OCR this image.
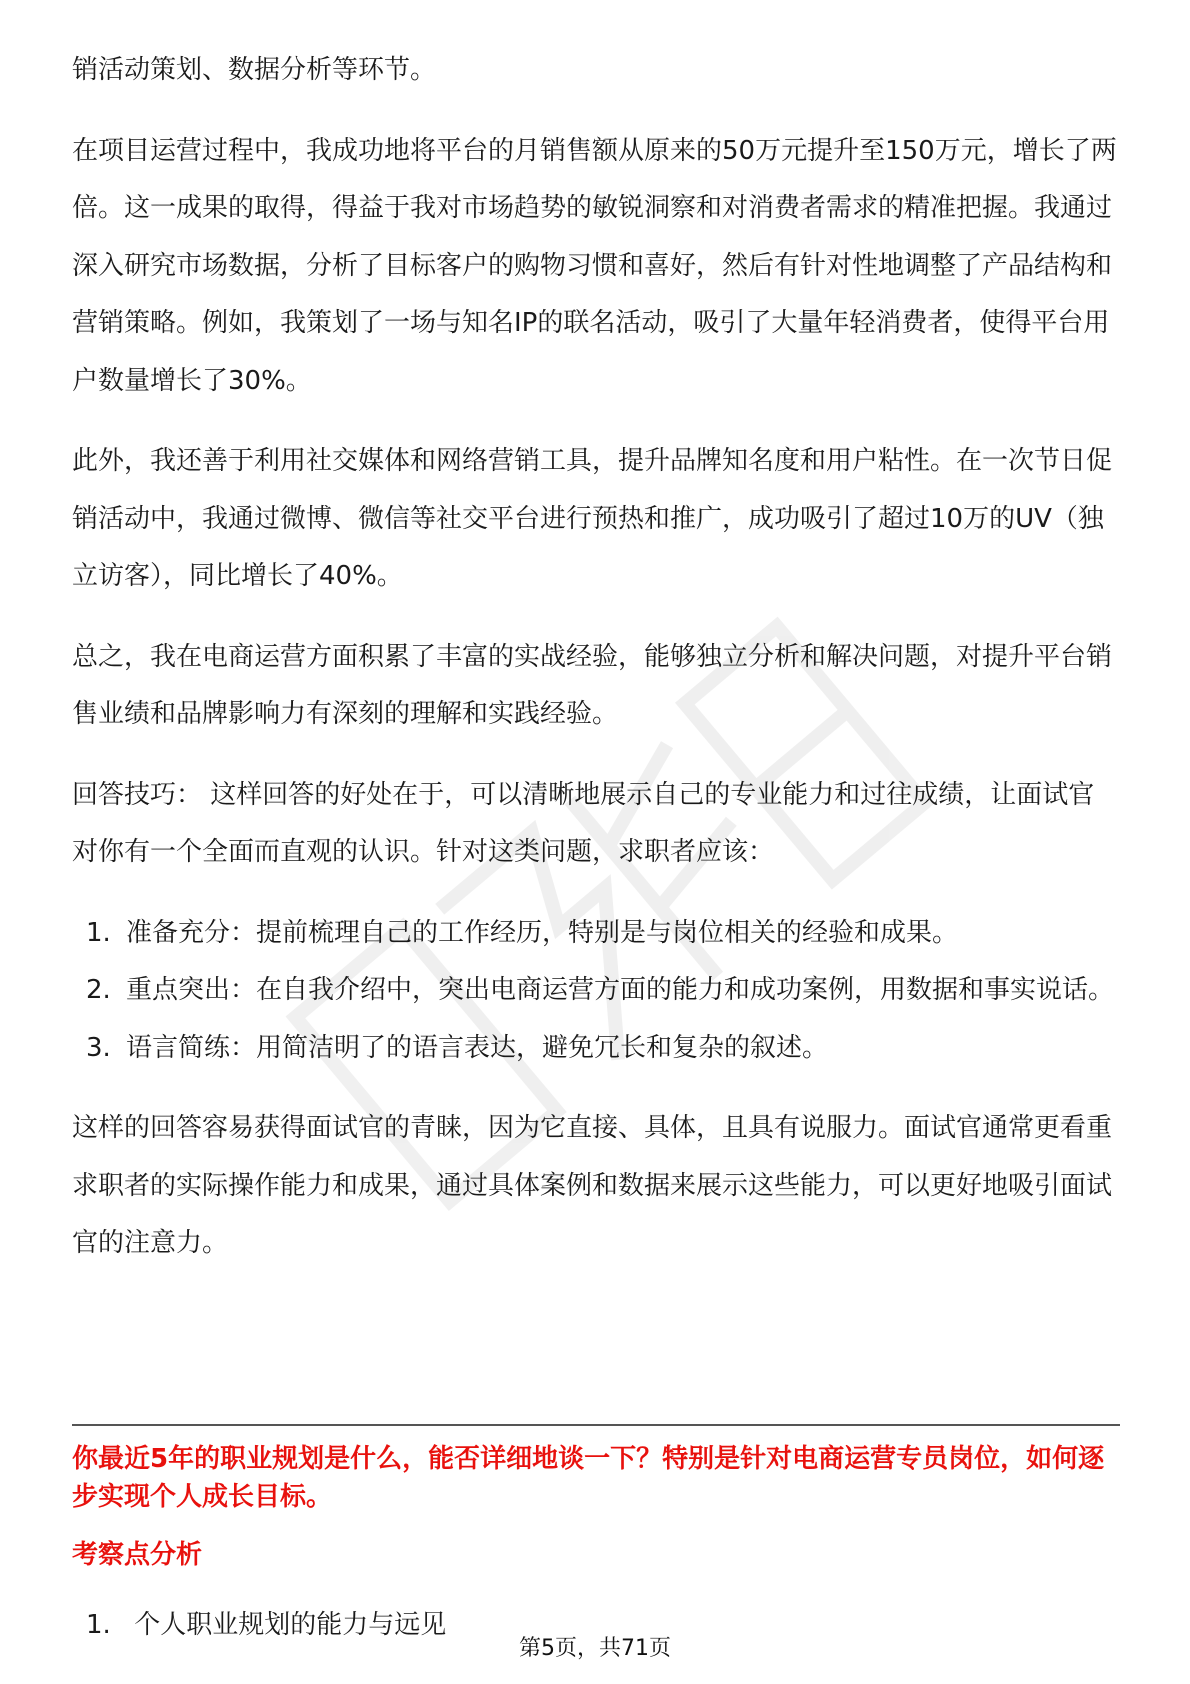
销活动策划、数据分析等环节。

在项目运营过程中，我成功地将平台的月销售额从原来的50万元提升至150万元，增长了两倍。这一成果的取得，得益于我对市场趋势的敏锐洞察和对消费者需求的精准把握。我通过深入研究市场数据，分析了目标客户的购物习惯和喜好，然后有针对性地调整了产品结构和营销策略。例如，我策划了一场与知名IP的联名活动，吸引了大量年轻消费者，使得平台用户数量增长了30%。

此外，我还善于利用社交媒体和网络营销工具，提升品牌知名度和用户粘性。在一次节日促销活动中，我通过微博、微信等社交平台进行预热和推广，成功吸引了超过10万的UV（独立访客），同比增长了40%。

总之，我在电商运营方面积累了丰富的实战经验，能够独立分析和解决问题，对提升平台销售业绩和品牌影响力有深刻的理解和实践经验。

回答技巧： 这样回答的好处在于，可以清晰地展示自己的专业能力和过往成绩，让面试官对你有一个全面而直观的认识。针对这类问题，求职者应该：

1. 准备充分：提前梳理自己的工作经历，特别是与岗位相关的经验和成果。
2. 重点突出：在自我介绍中，突出电商运营方面的能力和成功案例，用数据和事实说话。
3. 语言简练：用简洁明了的语言表达，避免冗长和复杂的叙述。

这样的回答容易获得面试官的青睐，因为它直接、具体，且具有说服力。面试官通常更看重求职者的实际操作能力和成果，通过具体案例和数据来展示这些能力，可以更好地吸引面试官的注意力。

你最近5年的职业规划是什么，能否详细地谈一下？特别是针对电商运营专员岗位，如何逐步实现个人成长目标。
考察点分析
1. 个人职业规划的能力与远见
第5页，共71页
